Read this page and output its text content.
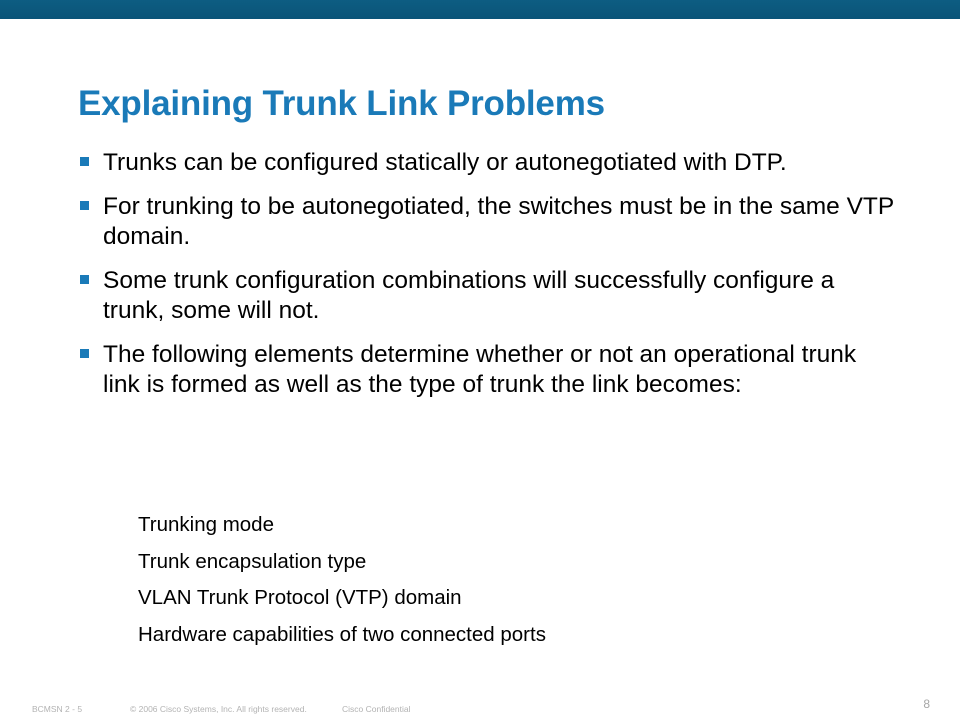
Explaining Trunk Link Problems
Trunks can be configured statically or autonegotiated with DTP.
For trunking to be autonegotiated, the switches must be in the same VTP domain.
Some trunk configuration combinations will successfully configure a trunk, some will not.
The following elements determine whether or not an operational trunk link is formed as well as the type of trunk the link becomes:
Trunking mode
Trunk encapsulation type
VLAN Trunk Protocol (VTP) domain
Hardware capabilities of two connected ports
BCMSN 2 - 5	© 2006 Cisco Systems, Inc. All rights reserved.	Cisco Confidential	8
